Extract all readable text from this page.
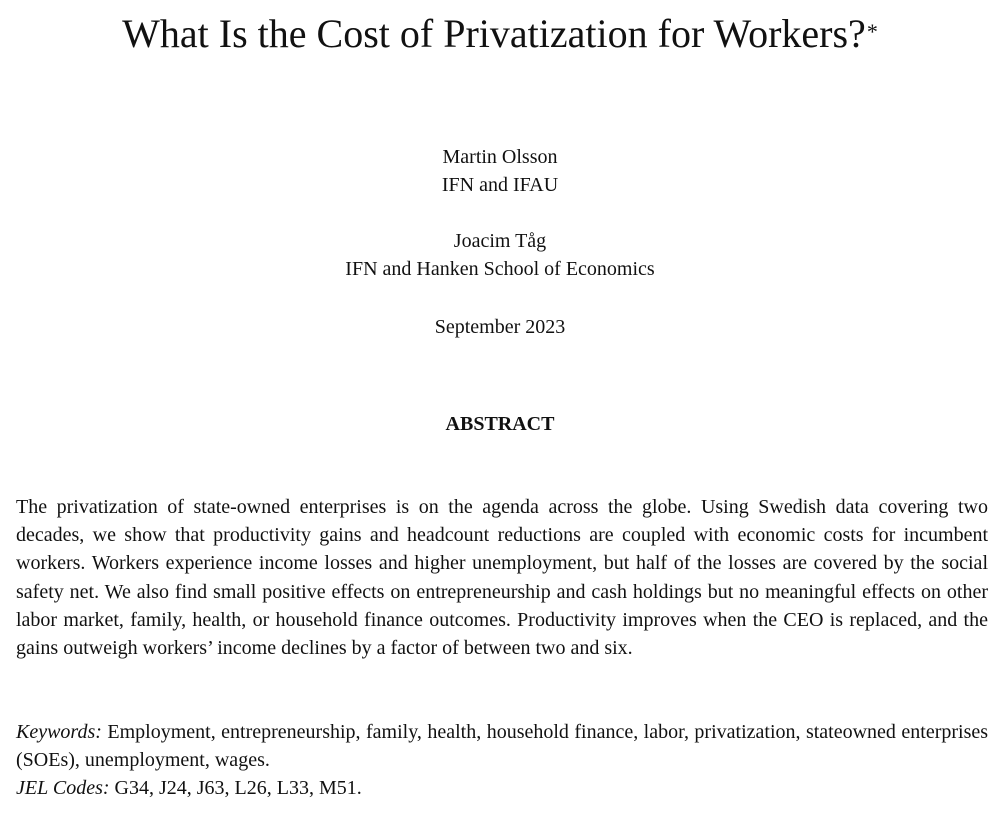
What Is the Cost of Privatization for Workers?*
Martin Olsson
IFN and IFAU
Joacim Tåg
IFN and Hanken School of Economics
September 2023
ABSTRACT

The privatization of state-owned enterprises is on the agenda across the globe. Using Swedish data covering two decades, we show that productivity gains and headcount reductions are coupled with economic costs for incumbent workers. Workers experience income losses and higher unemployment, but half of the losses are covered by the social safety net. We also find small positive effects on entrepreneurship and cash holdings but no meaningful effects on other labor market, family, health, or household finance outcomes. Productivity improves when the CEO is replaced, and the gains outweigh workers’ income declines by a factor of between two and six.

Keywords: Employment, entrepreneurship, family, health, household finance, labor, privatization, stateowned enterprises (SOEs), unemployment, wages.

JEL Codes: G34, J24, J63, L26, L33, M51.
